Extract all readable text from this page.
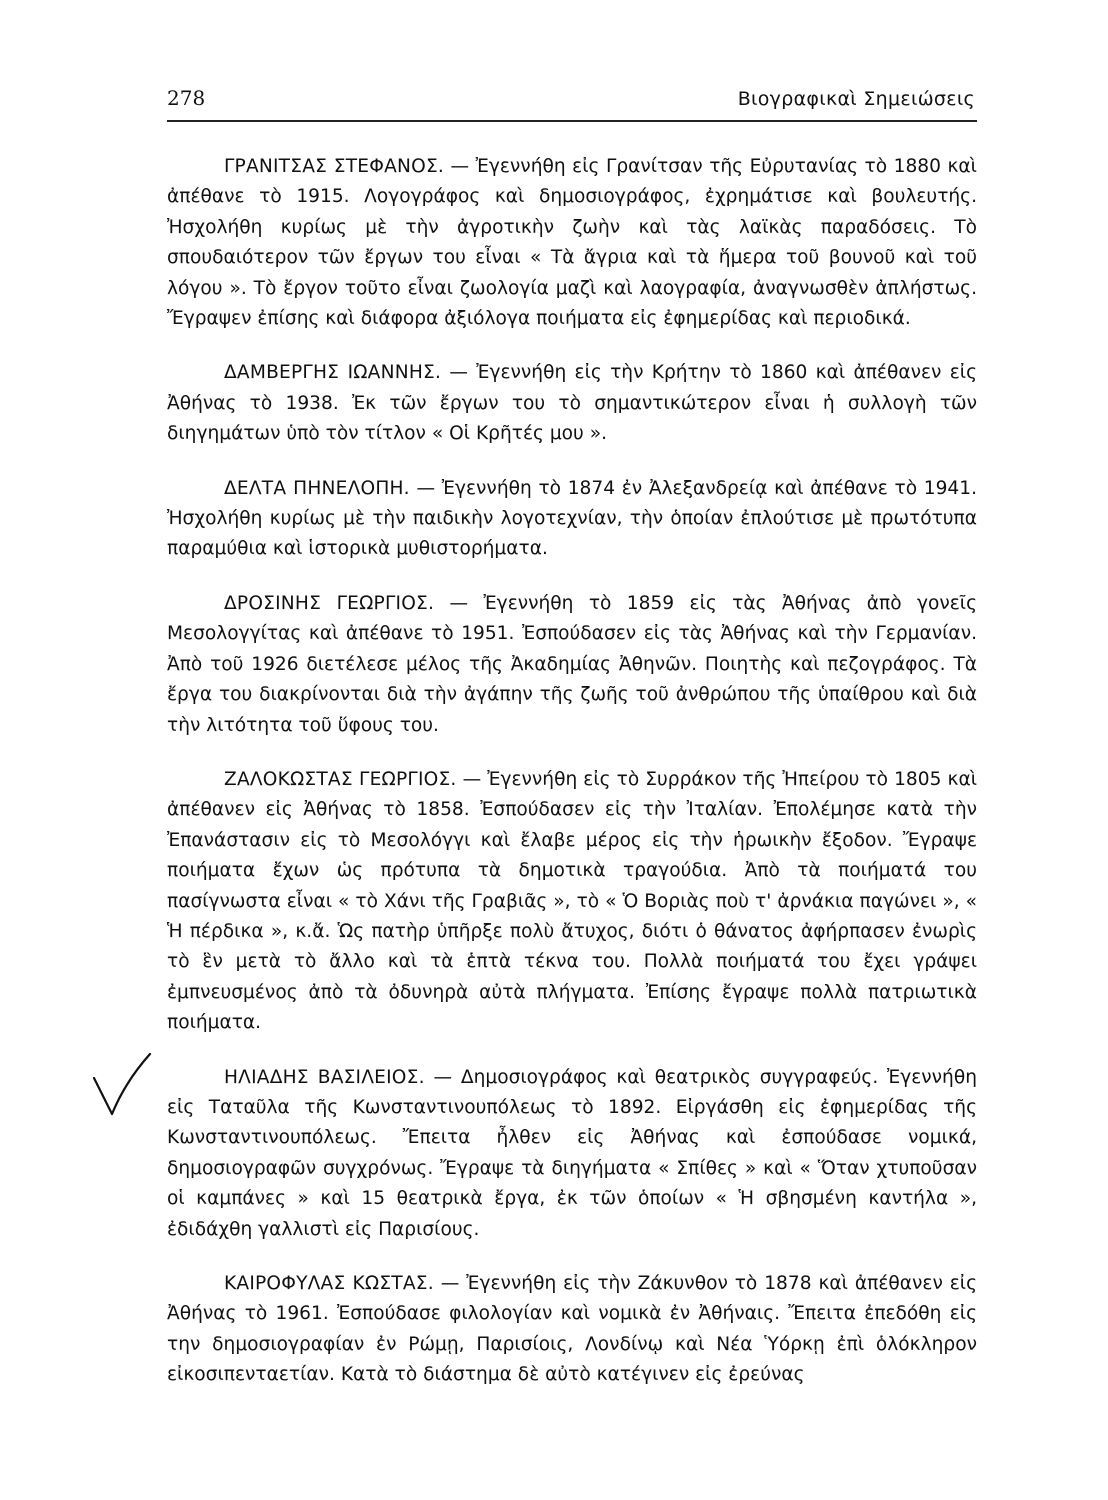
278	Βιογραφικαὶ Σημειώσεις

ΓΡΑΝΙΤΣΑΣ ΣΤΕΦΑΝΟΣ. — Ἐγεννήθη εἰς Γρανίτσαν τῆς Εὐρυτανίας τὸ 1880 καὶ ἀπέθανε τὸ 1915. Λογογράφος καὶ δημοσιογράφος, ἐχρημάτισε καὶ βουλευτής. Ἠσχολήθη κυρίως μὲ τὴν ἀγροτικὴν ζωὴν καὶ τὰς λαϊκὰς παραδόσεις. Τὸ σπουδαιότερον τῶν ἔργων του εἶναι « Τὰ ἄγρια καὶ τὰ ἥμερα τοῦ βουνοῦ καὶ τοῦ λόγου ». Τὸ ἔργον τοῦτο εἶναι ζωολογία μαζὶ καὶ λαογραφία, ἀναγνωσθὲν ἀπλήστως. Ἔγραψεν ἐπίσης καὶ διάφορα ἀξιόλογα ποιήματα εἰς ἐφημερίδας καὶ περιοδικά.

ΔΑΜΒΕΡΓΗΣ ΙΩΑΝΝΗΣ. — Ἐγεννήθη εἰς τὴν Κρήτην τὸ 1860 καὶ ἀπέθανεν εἰς Ἀθήνας τὸ 1938. Ἐκ τῶν ἔργων του τὸ σημαντικώτερον εἶναι ἡ συλλογὴ τῶν διηγημάτων ὑπὸ τὸν τίτλον « Οἱ Κρῆτές μου ».

ΔΕΛΤΑ ΠΗΝΕΛΟΠΗ. — Ἐγεννήθη τὸ 1874 ἐν Ἀλεξανδρείᾳ καὶ ἀπέθανε τὸ 1941. Ἠσχολήθη κυρίως μὲ τὴν παιδικὴν λογοτεχνίαν, τὴν ὁποίαν ἐπλούτισε μὲ πρωτότυπα παραμύθια καὶ ἱστορικὰ μυθιστορήματα.

ΔΡΟΣΙΝΗΣ ΓΕΩΡΓΙΟΣ. — Ἐγεννήθη τὸ 1859 εἰς τὰς Ἀθήνας ἀπὸ γονεῖς Μεσολογγίτας καὶ ἀπέθανε τὸ 1951. Ἐσπούδασεν εἰς τὰς Ἀθήνας καὶ τὴν Γερμανίαν. Ἀπὸ τοῦ 1926 διετέλεσε μέλος τῆς Ἀκαδημίας Ἀθηνῶν. Ποιητὴς καὶ πεζογράφος. Τὰ ἔργα του διακρίνονται διὰ τὴν ἀγάπην τῆς ζωῆς τοῦ ἀνθρώπου τῆς ὑπαίθρου καὶ διὰ τὴν λιτότητα τοῦ ὕφους του.

ΖΑΛΟΚΩΣΤΑΣ ΓΕΩΡΓΙΟΣ. — Ἐγεννήθη εἰς τὸ Συρράκον τῆς Ἠπείρου τὸ 1805 καὶ ἀπέθανεν εἰς Ἀθήνας τὸ 1858. Ἐσπούδασεν εἰς τὴν Ἰταλίαν. Ἐπολέμησε κατὰ τὴν Ἐπανάστασιν εἰς τὸ Μεσολόγγι καὶ ἔλαβε μέρος εἰς τὴν ἡρωικὴν ἔξοδον. Ἔγραψε ποιήματα ἔχων ὡς πρότυπα τὰ δημοτικὰ τραγούδια. Ἀπὸ τὰ ποιήματά του πασίγνωστα εἶναι « τὸ Χάνι τῆς Γραβιᾶς », τὸ « Ὁ Βοριὰς ποὺ τ' ἀρνάκια παγώνει », « Ἡ πέρδικα », κ.ἄ. Ὡς πατὴρ ὑπῆρξε πολὺ ἄτυχος, διότι ὁ θάνατος ἀφήρπασεν ἐνωρὶς τὸ ἓν μετὰ τὸ ἄλλο καὶ τὰ ἑπτὰ τέκνα του. Πολλὰ ποιήματά του ἔχει γράψει ἐμπνευσμένος ἀπὸ τὰ ὀδυνηρὰ αὐτὰ πλήγματα. Ἐπίσης ἔγραψε πολλὰ πατριωτικὰ ποιήματα.

ΗΛΙΑΔΗΣ ΒΑΣΙΛΕΙΟΣ. — Δημοσιογράφος καὶ θεατρικὸς συγγραφεύς. Ἐγεννήθη εἰς Ταταῦλα τῆς Κωνσταντινουπόλεως τὸ 1892. Εἰργάσθη εἰς ἐφημερίδας τῆς Κωνσταντινουπόλεως. Ἔπειτα ἦλθεν εἰς Ἀθήνας καὶ ἐσπούδασε νομικά, δημοσιογραφῶν συγχρόνως. Ἔγραψε τὰ διηγήματα « Σπίθες » καὶ « Ὅταν χτυποῦσαν οἱ καμπάνες » καὶ 15 θεατρικὰ ἔργα, ἐκ τῶν ὁποίων « Ἡ σβησμένη καντήλα », ἐδιδάχθη γαλλιστὶ εἰς Παρισίους.

ΚΑΙΡΟΦΥΛΑΣ ΚΩΣΤΑΣ. — Ἐγεννήθη εἰς τὴν Ζάκυνθον τὸ 1878 καὶ ἀπέθανεν εἰς Ἀθήνας τὸ 1961. Ἐσπούδασε φιλολογίαν καὶ νομικὰ ἐν Ἀθήναις. Ἔπειτα ἐπεδόθη εἰς την δημοσιογραφίαν ἐν Ρώμῃ, Παρισίοις, Λονδίνῳ καὶ Νέα Ὑόρκῃ ἐπὶ ὁλόκληρον εἰκοσιπενταετίαν. Κατὰ τὸ διάστημα δὲ αὐτὸ κατέγινεν εἰς ἐρεύνας
